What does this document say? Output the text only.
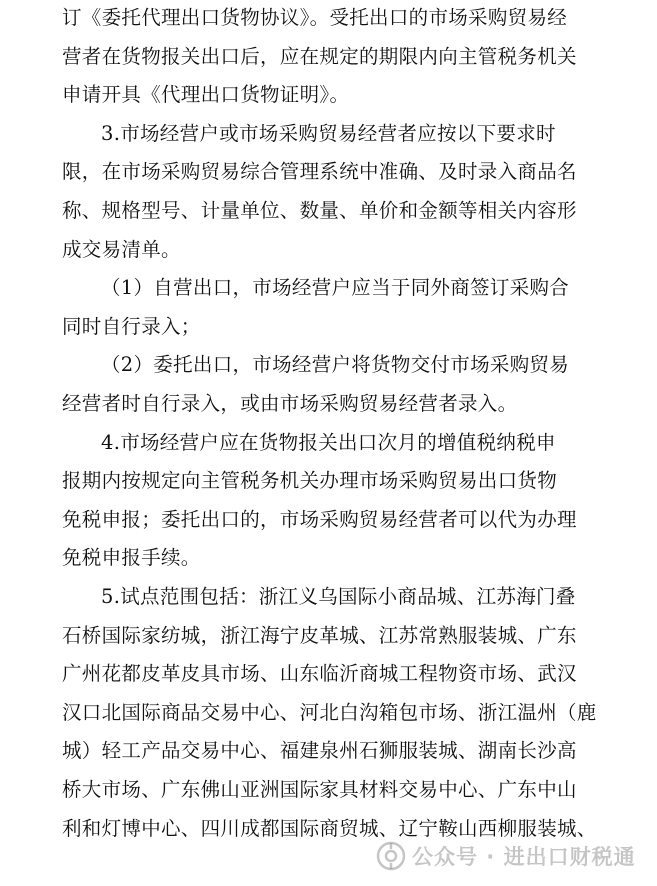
订《委托代理出口货物协议》。受托出口的市场采购贸易经
营者在货物报关出口后，应在规定的期限内向主管税务机关
申请开具《代理出口货物证明》。
3.市场经营户或市场采购贸易经营者应按以下要求时
限，在市场采购贸易综合管理系统中准确、及时录入商品名
称、规格型号、计量单位、数量、单价和金额等相关内容形
成交易清单。
（1）自营出口，市场经营户应当于同外商签订采购合
同时自行录入；
（2）委托出口，市场经营户将货物交付市场采购贸易
经营者时自行录入，或由市场采购贸易经营者录入。
4.市场经营户应在货物报关出口次月的增值税纳税申
报期内按规定向主管税务机关办理市场采购贸易出口货物
免税申报；委托出口的，市场采购贸易经营者可以代为办理
免税申报手续。
5.试点范围包括：浙江义乌国际小商品城、江苏海门叠
石桥国际家纺城，浙江海宁皮革城、江苏常熟服装城、广东
广州花都皮革皮具市场、山东临沂商城工程物资市场、武汉
汉口北国际商品交易中心、河北白沟箱包市场、浙江温州（鹿
城）轻工产品交易中心、福建泉州石狮服装城、湖南长沙高
桥大市场、广东佛山亚洲国际家具材料交易中心、广东中山
利和灯博中心、四川成都国际商贸城、辽宁鞍山西柳服装城、
公众号 · 进出口财税通
